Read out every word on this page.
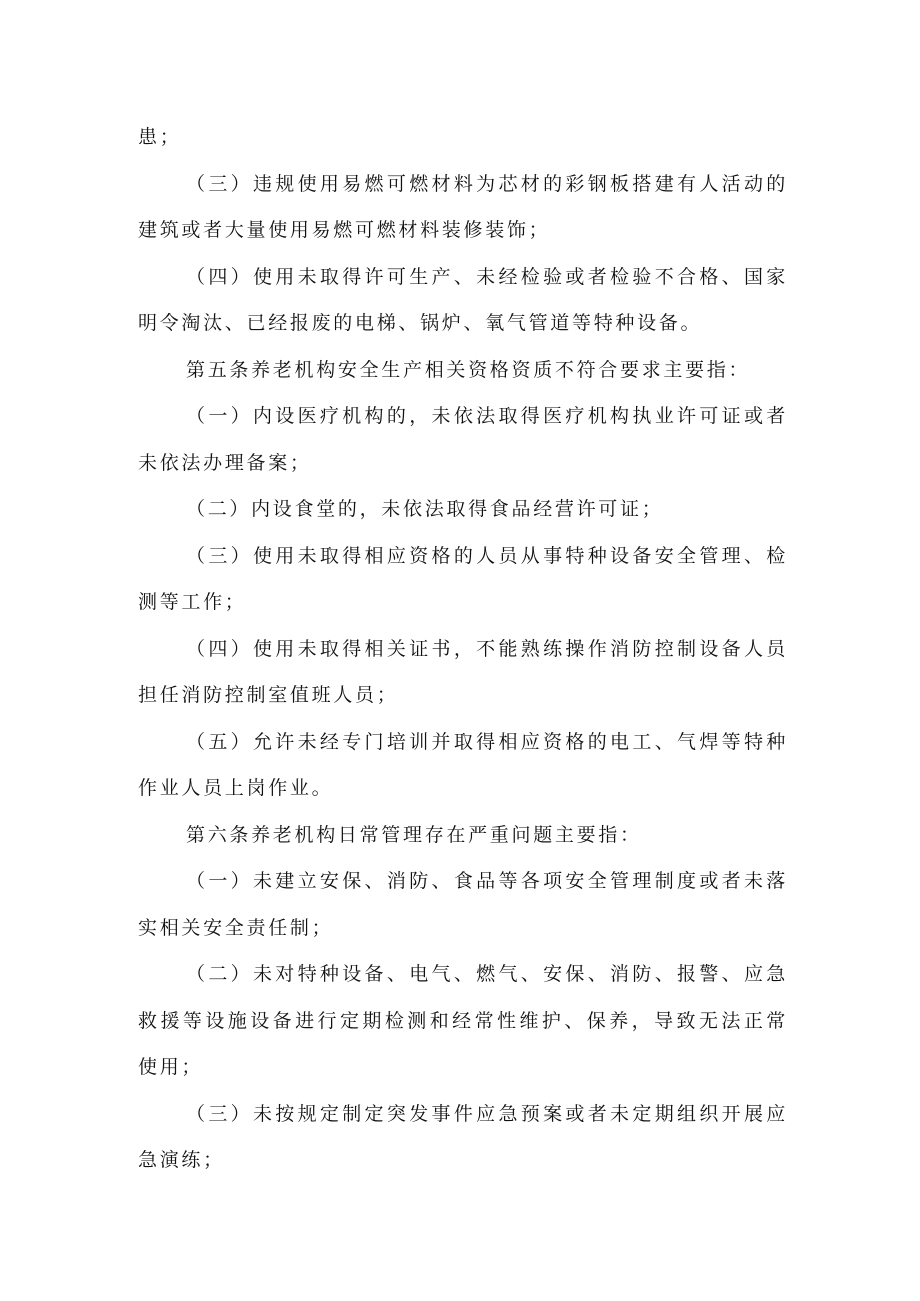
患；

（三）违规使用易燃可燃材料为芯材的彩钢板搭建有人活动的建筑或者大量使用易燃可燃材料装修装饰；

（四）使用未取得许可生产、未经检验或者检验不合格、国家明令淘汰、已经报废的电梯、锅炉、氧气管道等特种设备。

第五条养老机构安全生产相关资格资质不符合要求主要指：

（一）内设医疗机构的，未依法取得医疗机构执业许可证或者未依法办理备案；

（二）内设食堂的，未依法取得食品经营许可证；

（三）使用未取得相应资格的人员从事特种设备安全管理、检测等工作；

（四）使用未取得相关证书，不能熟练操作消防控制设备人员担任消防控制室值班人员；

（五）允许未经专门培训并取得相应资格的电工、气焊等特种作业人员上岗作业。

第六条养老机构日常管理存在严重问题主要指：

（一）未建立安保、消防、食品等各项安全管理制度或者未落实相关安全责任制；

（二）未对特种设备、电气、燃气、安保、消防、报警、应急救援等设施设备进行定期检测和经常性维护、保养，导致无法正常使用；

（三）未按规定制定突发事件应急预案或者未定期组织开展应急演练；
